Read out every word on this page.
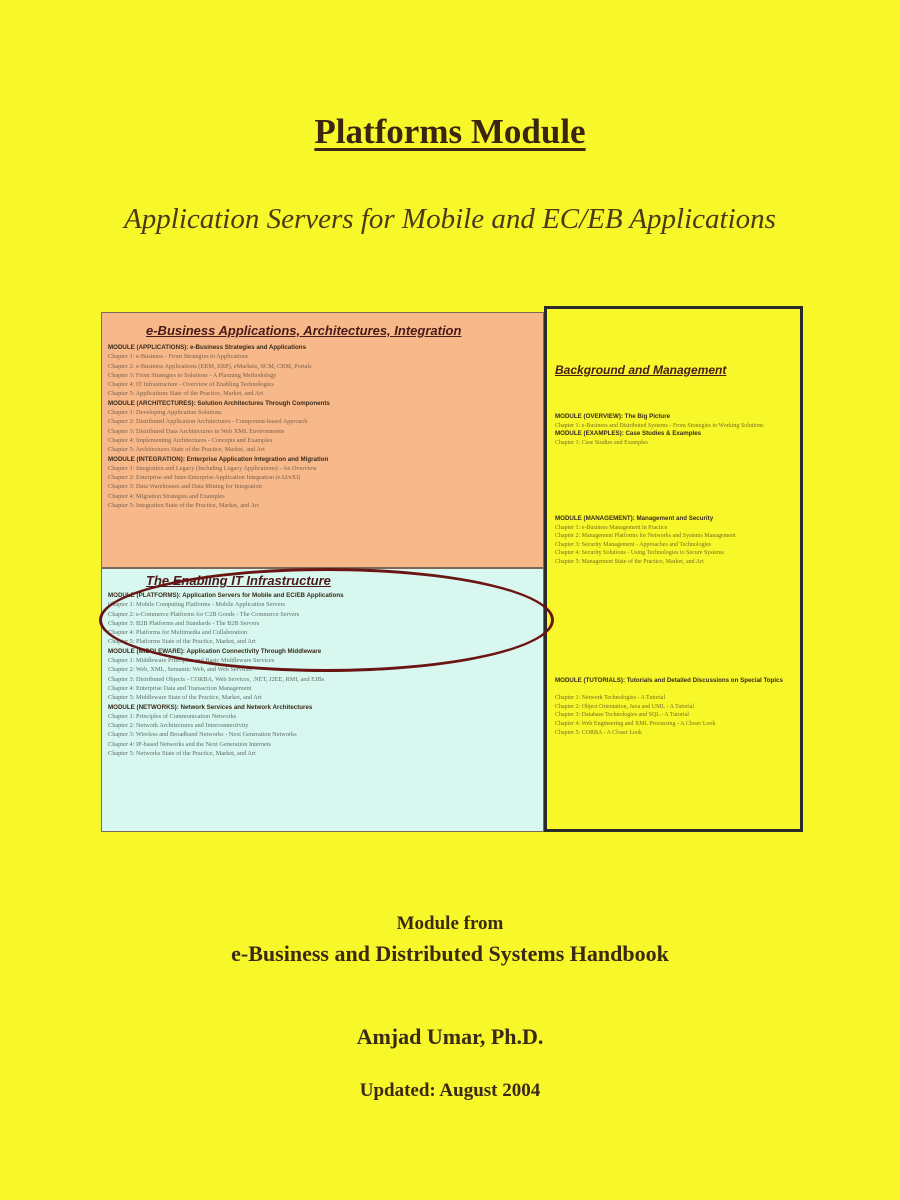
Platforms Module
Application Servers for Mobile and EC/EB Applications
e-Business Applications, Architectures, Integration
MODULE (APPLICATIONS): e-Business Strategies and Applications
Chapter 1: e-Business - From Strategies to Applications
Chapter 2: e-Business Applications (ERM, ERP), eMarkets, SCM, CRM, Portals
Chapter 3: From Strategies to Solutions - A Planning Methodology
Chapter 4: IT Infrastructure - Overview of Enabling Technologies
Chapter 5: Applications State of the Practice, Market, and Art
MODULE (ARCHITECTURES): Solution Architectures Through Components
Chapter 1: Developing Application Solutions
Chapter 2: Distributed Application Architectures - Component-based Approach
Chapter 3: Distributed Data Architectures in Web XML Environments
Chapter 4: Implementing Architectures - Concepts and Examples
Chapter 5: Architectures State of the Practice, Market, and Art
MODULE (INTEGRATION): Enterprise Application Integration and Migration
Chapter 1: Integration and Legacy (Including Legacy Applications) - An Overview
Chapter 2: Enterprise and Inter-Enterprise Application Integration (eAI/eXI)
Chapter 3: Data Warehouses and Data Mining for Integration
Chapter 4: Migration Strategies and Examples
Chapter 5: Integration State of the Practice, Market, and Art
The Enabling IT Infrastructure
MODULE (PLATFORMS): Application Servers for Mobile and EC/EB Applications
Chapter 1: Mobile Computing Platforms - Mobile Application Servers
Chapter 2: e-Commerce Platforms for C2B Goods - The Commerce Servers
Chapter 3: B2B Platforms and Standards - The B2B Servers
Chapter 4: Platforms for Multimedia and Collaboration
Chapter 5: Platforms State of the Practice, Market, and Art
MODULE (MIDDLEWARE): Application Connectivity Through Middleware
Chapter 1: Middleware Principles and Basic Middleware Services
Chapter 2: Web, XML, Semantic Web, and Web Services
Chapter 3: Distributed Objects - CORBA, Web Services, .NET, J2EE, RMI, and EJBs
Chapter 4: Enterprise Data and Transaction Management
Chapter 5: Middleware State of the Practice, Market, and Art
MODULE (NETWORKS): Network Services and Network Architectures
Chapter 1: Principles of Communication Networks
Chapter 2: Network Architectures and Interconnectivity
Chapter 3: Wireless and Broadband Networks - Next Generation Networks
Chapter 4: IP-based Networks and the Next Generation Internets
Chapter 5: Networks State of the Practice, Market, and Art
Background and Management
MODULE (OVERVIEW): The Big Picture
Chapter 1: e-Business and Distributed Systems - From Strategies to Working Solutions
MODULE (EXAMPLES): Case Studies & Examples
Chapter 1: Case Studies and Examples
MODULE (MANAGEMENT): Management and Security
Chapter 1: e-Business Management in Practice
Chapter 2: Management Platforms for Networks and Systems Management
Chapter 3: Security Management - Approaches and Technologies
Chapter 4: Security Solutions - Using Technologies to Secure Systems
Chapter 5: Management State of the Practice, Market, and Art
MODULE (TUTORIALS): Tutorials and Detailed Discussions on Special Topics

Chapter 1: Network Technologies - A Tutorial
Chapter 2: Object Orientation, Java and UML - A Tutorial
Chapter 3: Database Technologies and SQL - A Tutorial
Chapter 4: Web Engineering and XML Processing - A Closer Look
Chapter 5: CORBA - A Closer Look
Module from
e-Business and Distributed Systems Handbook
Amjad Umar, Ph.D.
Updated: August 2004
